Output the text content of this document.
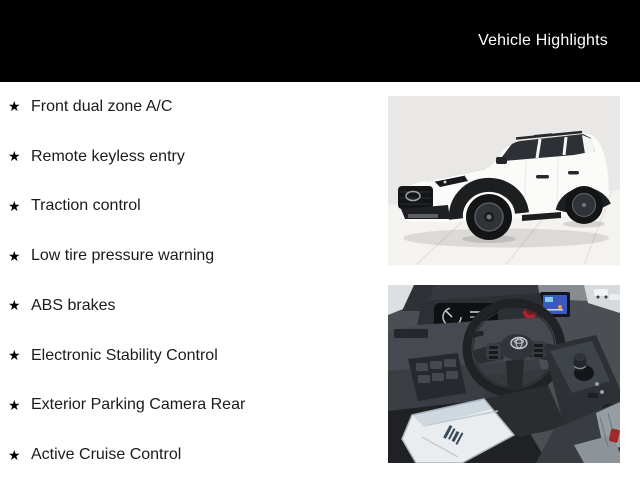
Vehicle Highlights
★ Front dual zone A/C
★ Remote keyless entry
★ Traction control
★ Low tire pressure warning
★ ABS brakes
★ Electronic Stability Control
★ Exterior Parking Camera Rear
★ Active Cruise Control
